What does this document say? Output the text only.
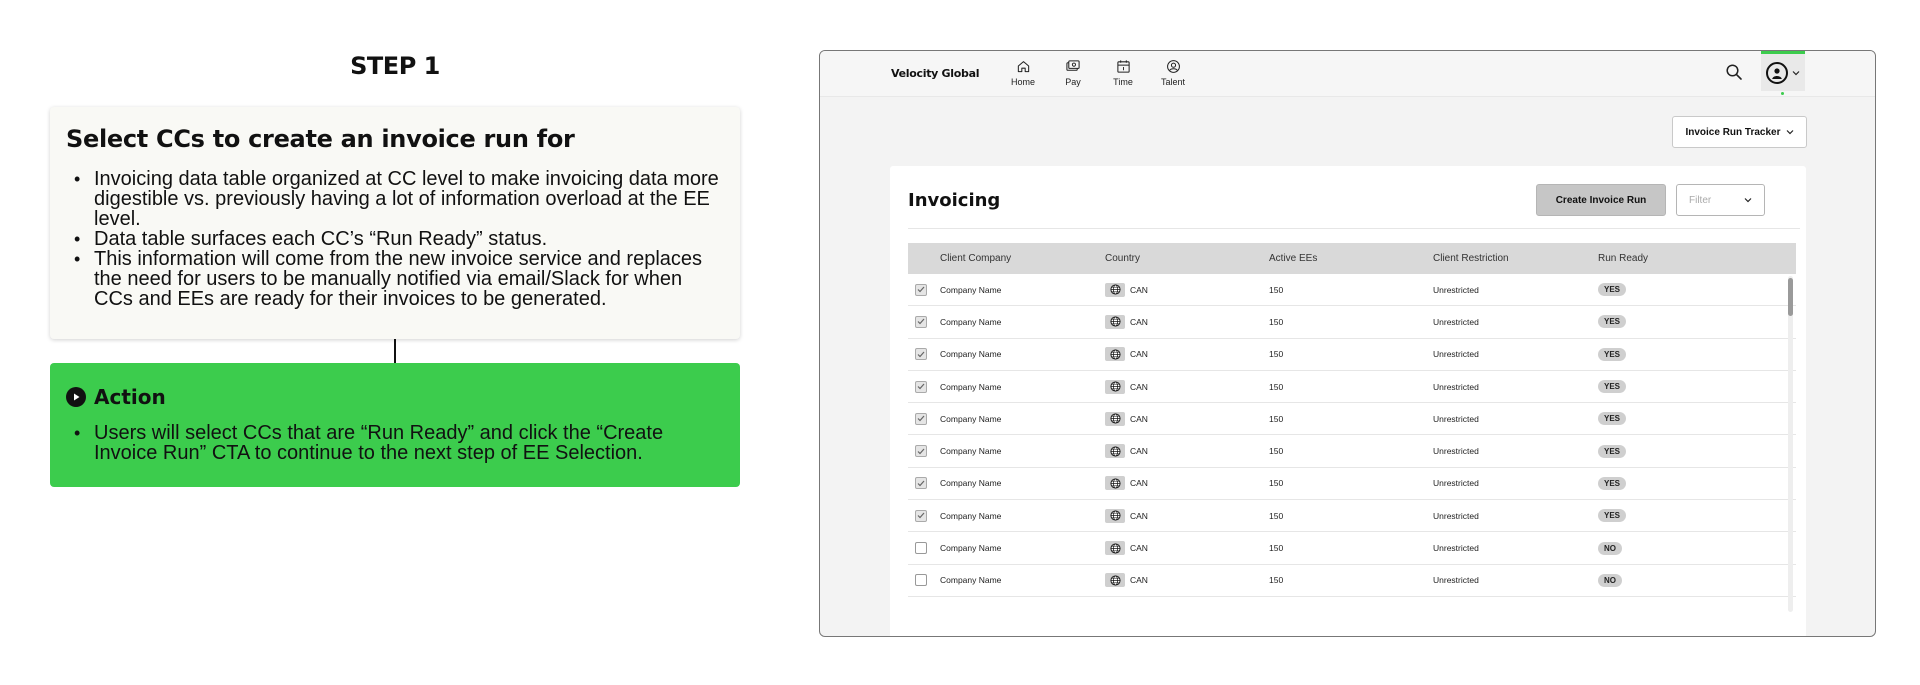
STEP 1
Select CCs to create an invoice run for
• Invoicing data table organized at CC level to make invoicing data more digestible vs. previously having a lot of information overload at the EE level.
• Data table surfaces each CC’s “Run Ready” status.
• This information will come from the new invoice service and replaces the need for users to be manually notified via email/Slack for when CCs and EEs are ready for their invoices to be generated.
Action
• Users will select CCs that are “Run Ready” and click the “Create Invoice Run” CTA to continue to the next step of EE Selection.
Velocity Global
Home	Pay	Time	Talent
Invoice Run Tracker
Invoicing	Create Invoice Run	Filter
Client Company	Country	Active EEs	Client Restriction	Run Ready
Company Name	CAN	150	Unrestricted	YES
Company Name	CAN	150	Unrestricted	YES
Company Name	CAN	150	Unrestricted	YES
Company Name	CAN	150	Unrestricted	YES
Company Name	CAN	150	Unrestricted	YES
Company Name	CAN	150	Unrestricted	YES
Company Name	CAN	150	Unrestricted	YES
Company Name	CAN	150	Unrestricted	YES
Company Name	CAN	150	Unrestricted	NO
Company Name	CAN	150	Unrestricted	NO
